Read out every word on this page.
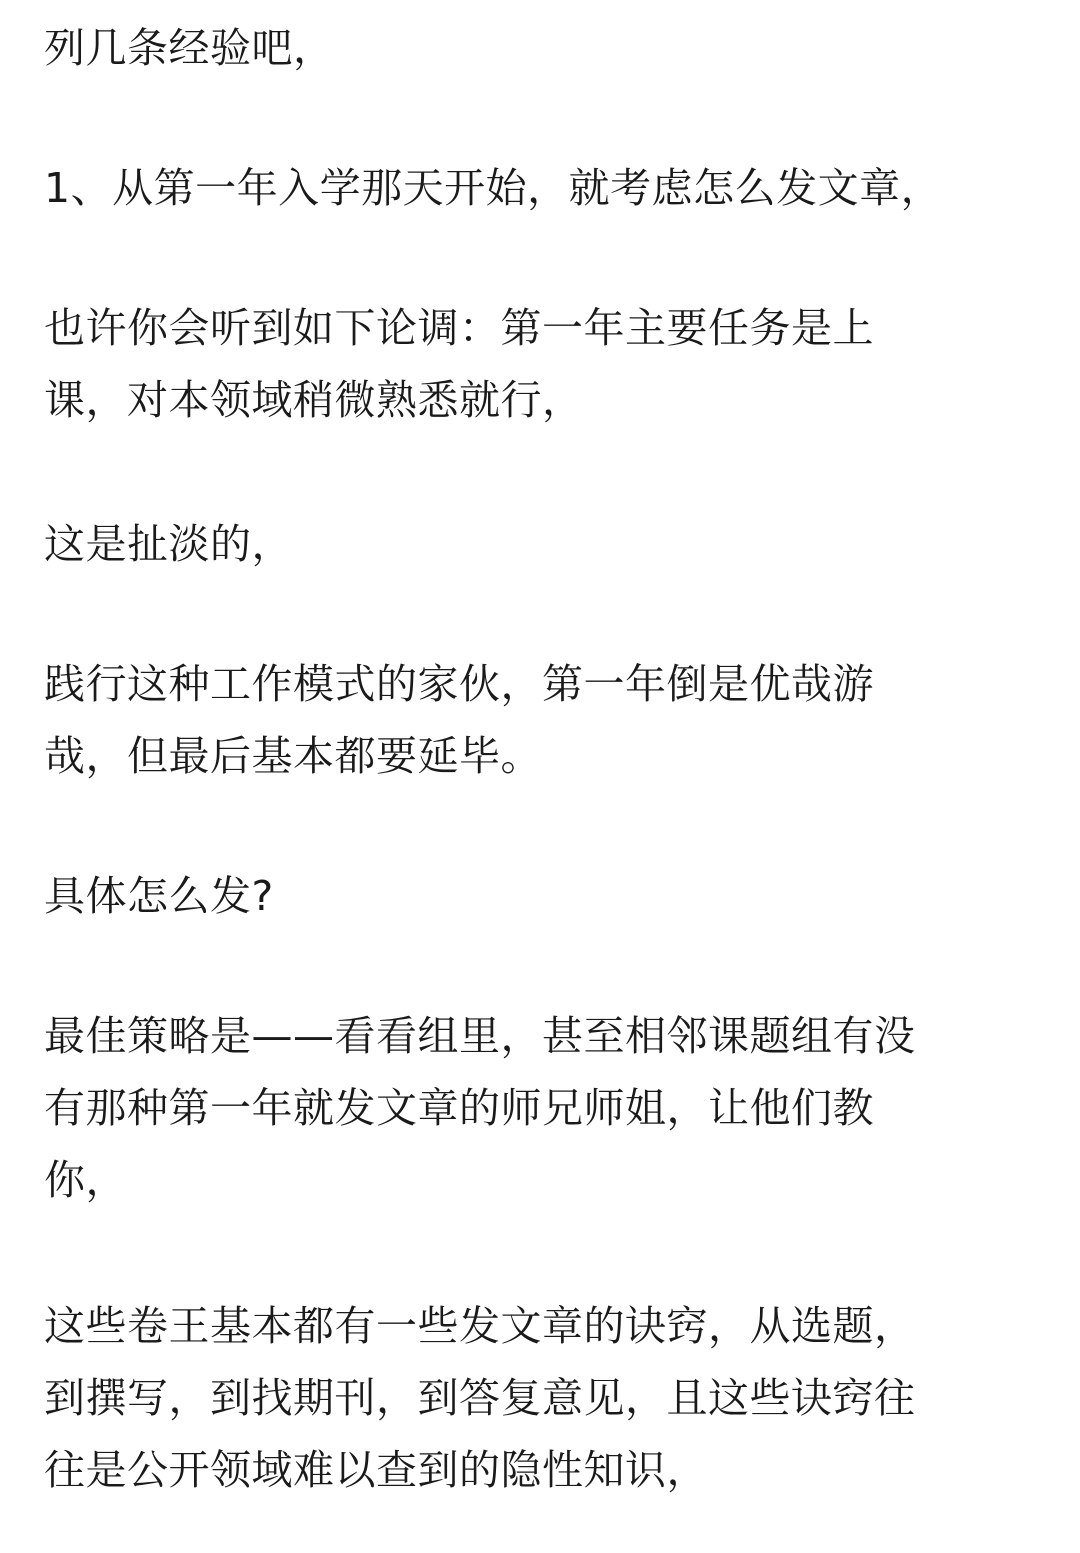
列几条经验吧，

1、从第一年入学那天开始，就考虑怎么发文章，

也许你会听到如下论调：第一年主要任务是上
课，对本领域稍微熟悉就行，

这是扯淡的，

践行这种工作模式的家伙，第一年倒是优哉游
哉，但最后基本都要延毕。

具体怎么发?

最佳策略是——看看组里，甚至相邻课题组有没
有那种第一年就发文章的师兄师姐，让他们教
你，

这些卷王基本都有一些发文章的诀窍，从选题，
到撰写，到找期刊，到答复意见，且这些诀窍往
往是公开领域难以查到的隐性知识，
